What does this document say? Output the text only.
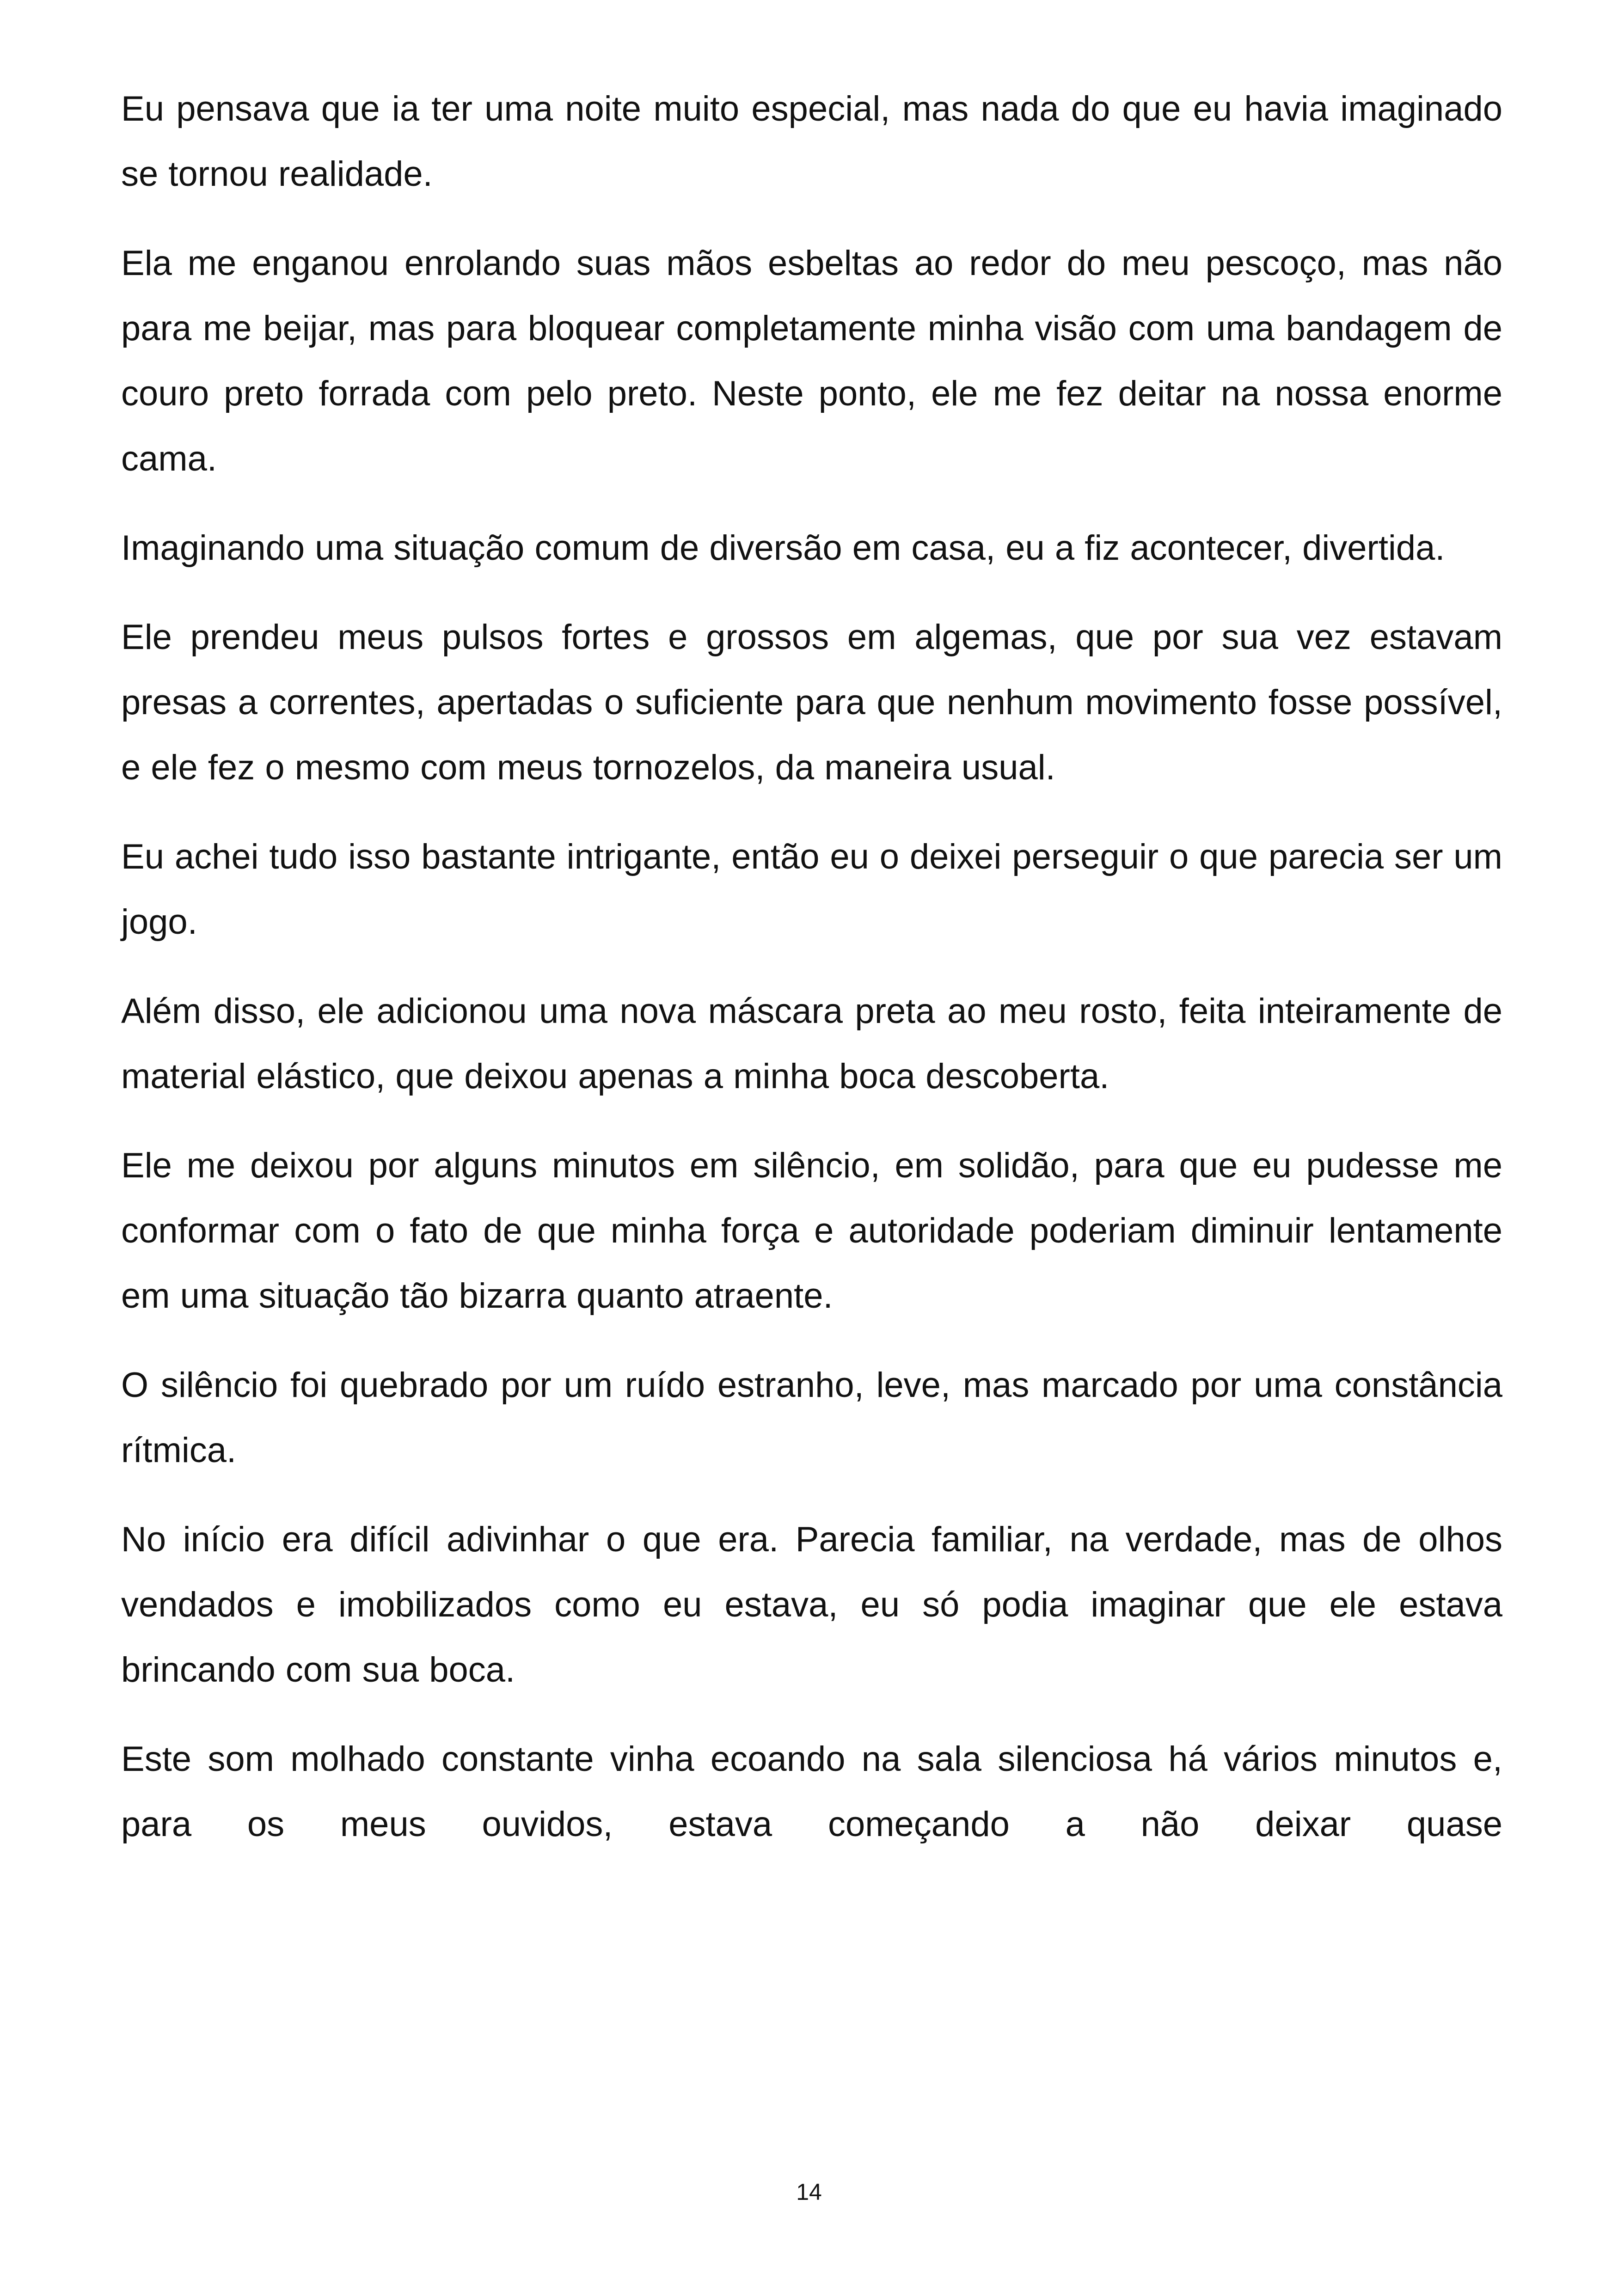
Eu pensava que ia ter uma noite muito especial, mas nada do que eu havia imaginado se tornou realidade.

Ela me enganou enrolando suas mãos esbeltas ao redor do meu pescoço, mas não para me beijar, mas para bloquear completamente minha visão com uma bandagem de couro preto forrada com pelo preto. Neste ponto, ele me fez deitar na nossa enorme cama.

Imaginando uma situação comum de diversão em casa, eu a fiz acontecer, divertida.

Ele prendeu meus pulsos fortes e grossos em algemas, que por sua vez estavam presas a correntes, apertadas o suficiente para que nenhum movimento fosse possível, e ele fez o mesmo com meus tornozelos, da maneira usual.

Eu achei tudo isso bastante intrigante, então eu o deixei perseguir o que parecia ser um jogo.

Além disso, ele adicionou uma nova máscara preta ao meu rosto, feita inteiramente de material elástico, que deixou apenas a minha boca descoberta.

Ele me deixou por alguns minutos em silêncio, em solidão, para que eu pudesse me conformar com o fato de que minha força e autoridade poderiam diminuir lentamente em uma situação tão bizarra quanto atraente.

O silêncio foi quebrado por um ruído estranho, leve, mas marcado por uma constância rítmica.

No início era difícil adivinhar o que era. Parecia familiar, na verdade, mas de olhos vendados e imobilizados como eu estava, eu só podia imaginar que ele estava brincando com sua boca.

Este som molhado constante vinha ecoando na sala silenciosa há vários minutos e, para os meus ouvidos, estava começando a não deixar quase

14
